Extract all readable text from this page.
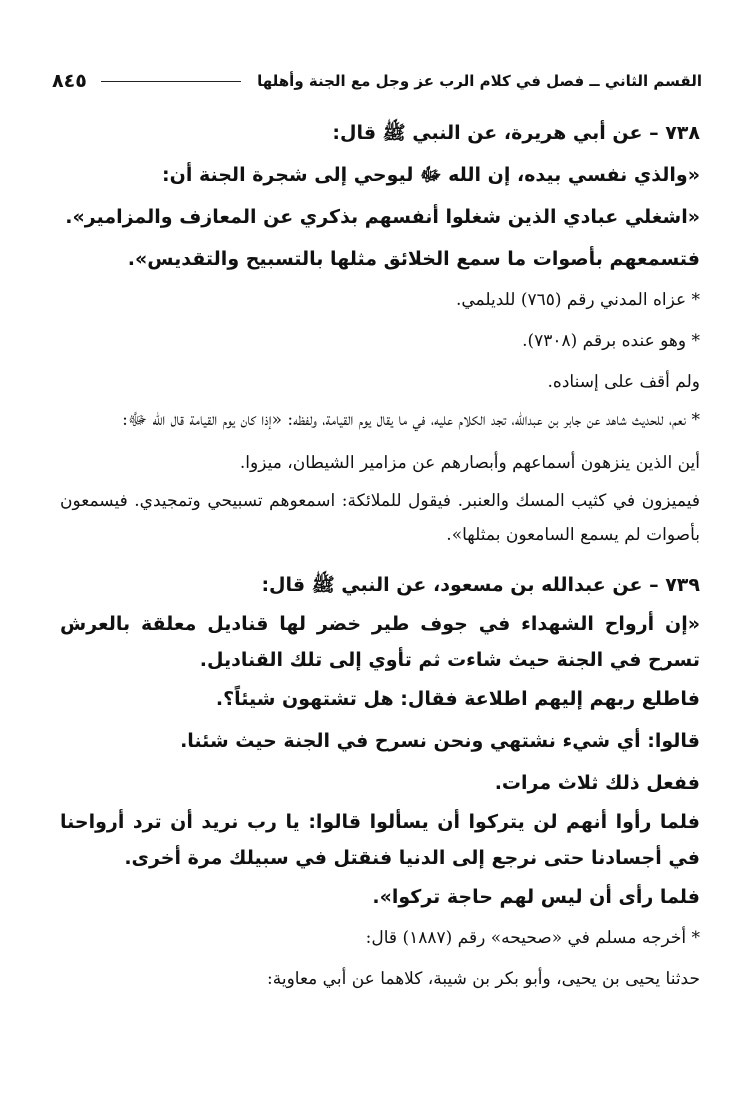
القسم الثاني ــ فصل في كلام الرب عز وجل مع الجنة وأهلها
٨٤٥

٧٣٨ – عن أبي هريرة، عن النبي ﷺ قال:

«والذي نفسي بيده، إن الله ﷻ ليوحي إلى شجرة الجنة أن:

«اشغلي عبادي الذين شغلوا أنفسهم بذكري عن المعازف والمزامير».

فتسمعهم بأصوات ما سمع الخلائق مثلها بالتسبيح والتقديس».

* عزاه المدني رقم (٧٦٥) للديلمي.

* وهو عنده برقم (٧٣٠٨).

ولم أقف على إسناده.

* نعم، للحديث شاهد عن جابر بن عبدالله، تجد الكلام عليه، في ما يقال يوم القيامة، ولفظه: «إذا كان يوم القيامة قال الله ﷻ:

أين الذين ينزهون أسماعهم وأبصارهم عن مزامير الشيطان، ميزوا.

فيميزون في كثيب المسك والعنبر. فيقول للملائكة: اسمعوهم تسبيحي وتمجيدي. فيسمعون بأصوات لم يسمع السامعون بمثلها».

٧٣٩ – عن عبدالله بن مسعود، عن النبي ﷺ قال:

«إن أرواح الشهداء في جوف طير خضر لها قناديل معلقة بالعرش تسرح في الجنة حيث شاءت ثم تأوي إلى تلك القناديل.

فاطلع ربهم إليهم اطلاعة فقال: هل تشتهون شيئاً؟.

قالوا: أي شيء نشتهي ونحن نسرح في الجنة حيث شئنا.

ففعل ذلك ثلاث مرات.

فلما رأوا أنهم لن يتركوا أن يسألوا قالوا: يا رب نريد أن ترد أرواحنا في أجسادنا حتى نرجع إلى الدنيا فنقتل في سبيلك مرة أخرى.

فلما رأى أن ليس لهم حاجة تركوا».

* أخرجه مسلم في «صحيحه» رقم (١٨٨٧) قال:

حدثنا يحيى بن يحيى، وأبو بكر بن شيبة، كلاهما عن أبي معاوية:
